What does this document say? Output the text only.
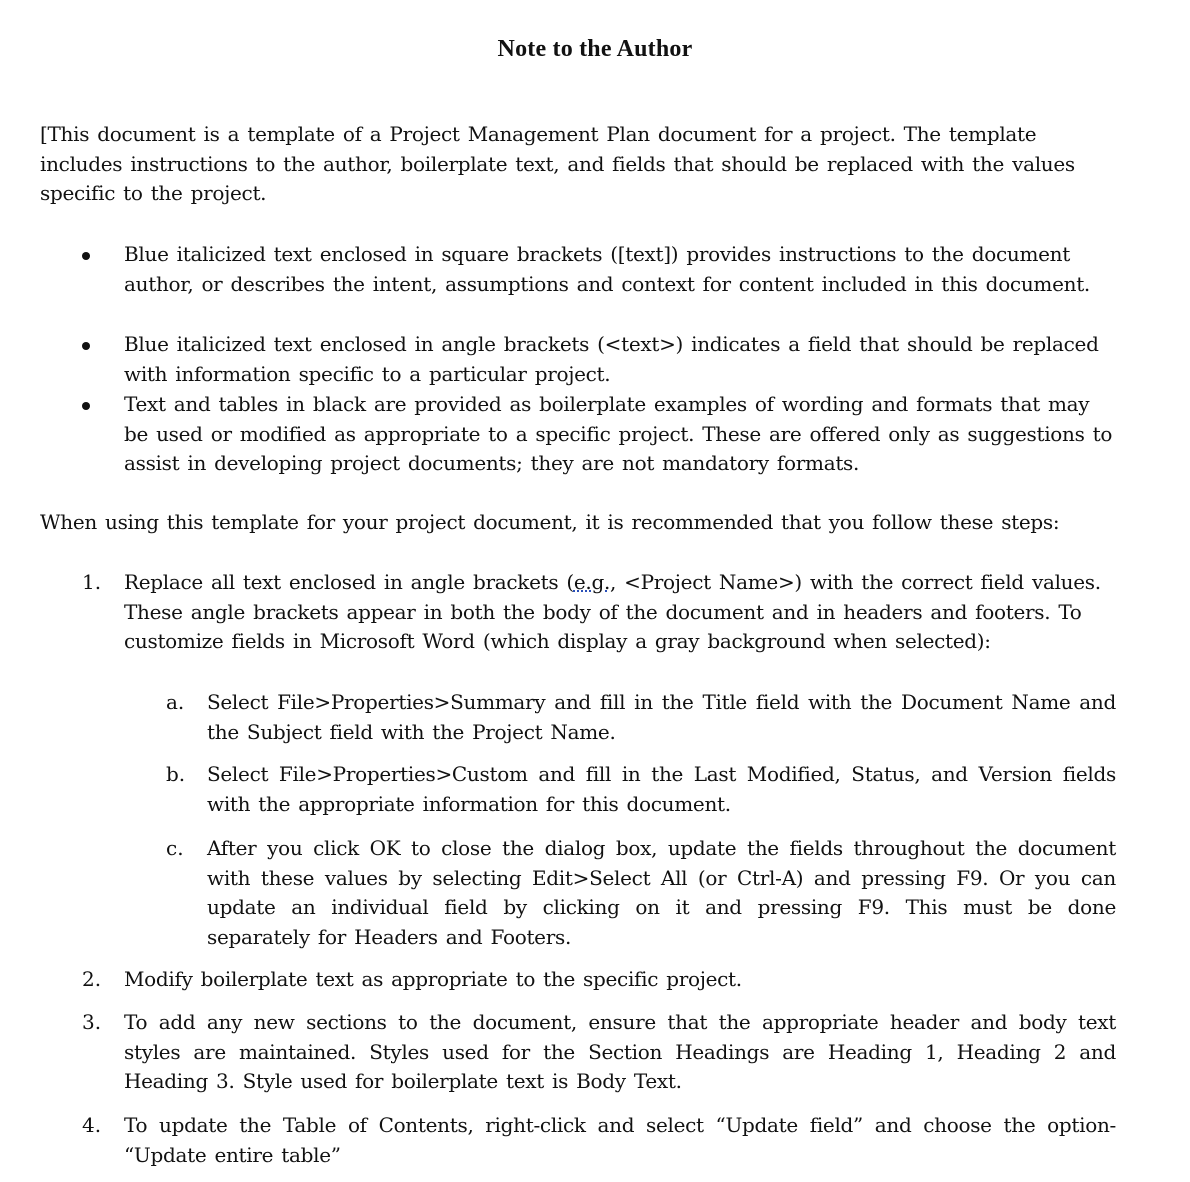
Note to the Author

[This document is a template of a Project Management Plan document for a project. The template includes instructions to the author, boilerplate text, and fields that should be replaced with the values specific to the project.

Blue italicized text enclosed in square brackets ([text]) provides instructions to the document author, or describes the intent, assumptions and context for content included in this document.

Blue italicized text enclosed in angle brackets (<text>) indicates a field that should be replaced with information specific to a particular project.

Text and tables in black are provided as boilerplate examples of wording and formats that may be used or modified as appropriate to a specific project. These are offered only as suggestions to assist in developing project documents; they are not mandatory formats.

When using this template for your project document, it is recommended that you follow these steps:

1. Replace all text enclosed in angle brackets (e.g., <Project Name>) with the correct field values. These angle brackets appear in both the body of the document and in headers and footers. To customize fields in Microsoft Word (which display a gray background when selected):

a. Select File>Properties>Summary and fill in the Title field with the Document Name and the Subject field with the Project Name.

b. Select File>Properties>Custom and fill in the Last Modified, Status, and Version fields with the appropriate information for this document.

c. After you click OK to close the dialog box, update the fields throughout the document with these values by selecting Edit>Select All (or Ctrl-A) and pressing F9. Or you can update an individual field by clicking on it and pressing F9. This must be done separately for Headers and Footers.

2. Modify boilerplate text as appropriate to the specific project.

3. To add any new sections to the document, ensure that the appropriate header and body text styles are maintained. Styles used for the Section Headings are Heading 1, Heading 2 and Heading 3. Style used for boilerplate text is Body Text.

4. To update the Table of Contents, right-click and select “Update field” and choose the option- “Update entire table”
